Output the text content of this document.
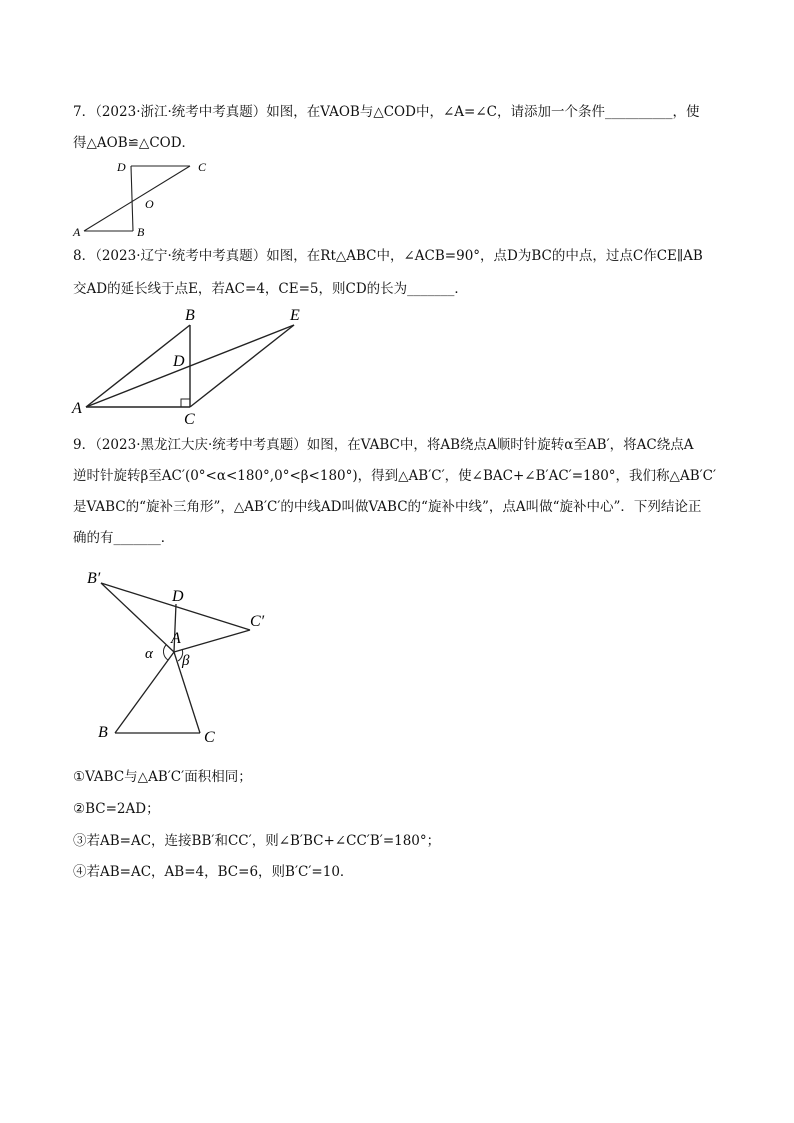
7．（2023·浙江·统考中考真题）如图，在VAOB与△COD中，∠A=∠C，请添加一个条件__________，使
得△AOB≌△COD．
D	C
O
A	B
8．（2023·辽宁·统考中考真题）如图，在Rt△ABC中，∠ACB=90°，点D为BC的中点，过点C作CE∥AB
交AD的延长线于点E，若AC=4，CE=5，则CD的长为_______．
B	E
D
A
C
9．（2023·黑龙江大庆·统考中考真题）如图，在VABC中，将AB绕点A顺时针旋转α至AB′，将AC绕点A
逆时针旋转β至AC′(0°<α<180°,0°<β<180°)，得到△AB′C′，使∠BAC+∠B′AC′=180°，我们称△AB′C′
是VABC的“旋补三角形”，△AB′C′的中线AD叫做VABC的“旋补中线”，点A叫做“旋补中心”．下列结论正
确的有_______．
B′
D
C′
A
α β
B	C
①VABC与△AB′C′面积相同；
②BC=2AD；
③若AB=AC，连接BB′和CC′，则∠B′BC+∠CC′B′=180°；
④若AB=AC，AB=4，BC=6，则B′C′=10．
